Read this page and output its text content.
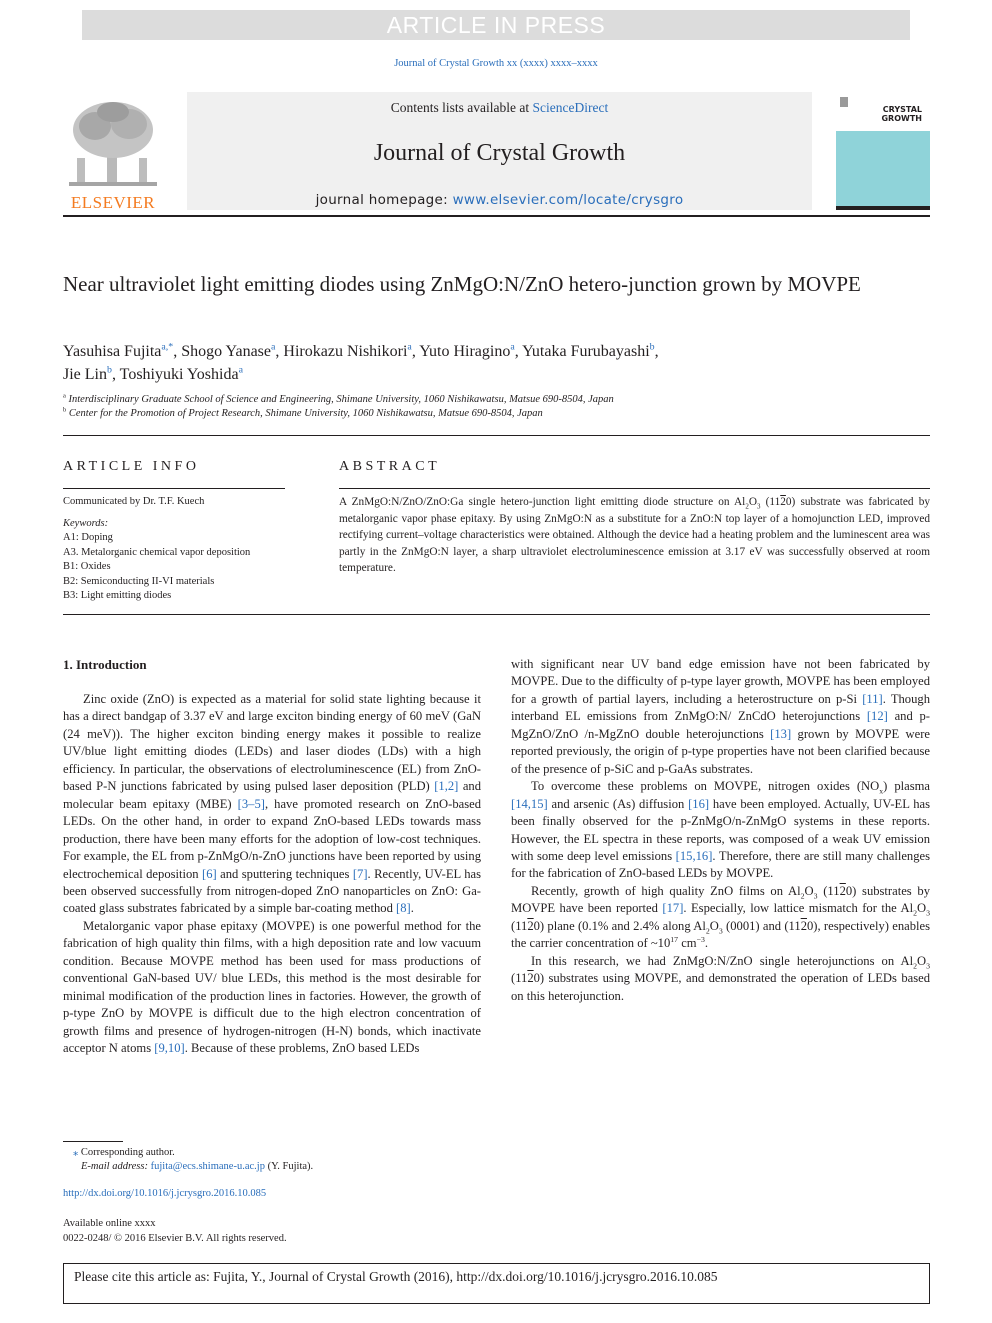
ARTICLE IN PRESS
Journal of Crystal Growth xx (xxxx) xxxx–xxxx
ELSEVIER
Contents lists available at ScienceDirect
Journal of Crystal Growth
journal homepage: www.elsevier.com/locate/crysgro
CRYSTAL
GROWTH
Near ultraviolet light emitting diodes using ZnMgO:N/ZnO hetero-junction grown by MOVPE
Yasuhisa Fujita$^{a,*}$, Shogo Yanase$^a$, Hirokazu Nishikori$^a$, Yuto Hiragino$^a$, Yutaka Furubayashi$^b$,
Jie Lin$^b$, Toshiyuki Yoshida$^a$
$^a$ Interdisciplinary Graduate School of Science and Engineering, Shimane University, 1060 Nishikawatsu, Matsue 690-8504, Japan
$^b$ Center for the Promotion of Project Research, Shimane University, 1060 Nishikawatsu, Matsue 690-8504, Japan
ARTICLE INFO	ABSTRACT
Communicated by Dr. T.F. Kuech
Keywords:
A1: Doping
A3. Metalorganic chemical vapor deposition
B1: Oxides
B2: Semiconducting II-VI materials
B3: Light emitting diodes
A ZnMgO:N/ZnO/ZnO:Ga single hetero-junction light emitting diode structure on $Al_2O_3$ (1120) substrate was fabricated by metalorganic vapor phase epitaxy. By using ZnMgO:N as a substitute for a ZnO:N top layer of a homojunction LED, improved rectifying current–voltage characteristics were obtained. Although the device had a heating problem and the luminescent area was partly in the ZnMgO:N layer, a sharp ultraviolet electroluminescence emission at 3.17 eV was successfully observed at room temperature.
1. Introduction

Zinc oxide (ZnO) is expected as a material for solid state lighting because it has a direct bandgap of 3.37 eV and large exciton binding energy of 60 meV (GaN (24 meV)). The higher exciton binding energy makes it possible to realize UV/blue light emitting diodes (LEDs) and laser diodes (LDs) with a high efficiency. In particular, the observations of electroluminescence (EL) from ZnO-based P-N junctions fabricated by using pulsed laser deposition (PLD) [1,2] and molecular beam epitaxy (MBE) [3–5], have promoted research on ZnO-based LEDs. On the other hand, in order to expand ZnO-based LEDs towards mass production, there have been many efforts for the adoption of low-cost techniques. For example, the EL from p-ZnMgO/n-ZnO junctions have been reported by using electrochemical deposition [6] and sputtering techniques [7]. Recently, UV-EL has been observed successfully from nitrogen-doped ZnO nanoparticles on ZnO: Ga-coated glass substrates fabricated by a simple bar-coating method [8].

Metalorganic vapor phase epitaxy (MOVPE) is one powerful method for the fabrication of high quality thin films, with a high deposition rate and low vacuum condition. Because MOVPE method has been used for mass productions of conventional GaN-based UV/ blue LEDs, this method is the most desirable for minimal modification of the production lines in factories. However, the growth of p-type ZnO by MOVPE is difficult due to the high electron concentration of growth films and presence of hydrogen-nitrogen (H-N) bonds, which inactivate acceptor N atoms [9,10]. Because of these problems, ZnO based LEDs

with significant near UV band edge emission have not been fabricated by MOVPE. Due to the difficulty of p-type layer growth, MOVPE has been employed for a growth of partial layers, including a heterostructure on p-Si [11]. Though interband EL emissions from ZnMgO:N/ ZnCdO heterojunctions [12] and p-MgZnO/ZnO /n-MgZnO double heterojunctions [13] grown by MOVPE were reported previously, the origin of p-type properties have not been clarified because of the presence of p-SiC and p-GaAs substrates.

To overcome these problems on MOVPE, nitrogen oxides $(NO_x)$ plasma [14,15] and arsenic (As) diffusion [16] have been employed. Actually, UV-EL has been finally observed for the p-ZnMgO/n-ZnMgO systems in these reports. However, the EL spectra in these reports, was composed of a weak UV emission with some deep level emissions [15,16]. Therefore, there are still many challenges for the fabrication of ZnO-based LEDs by MOVPE.

Recently, growth of high quality ZnO films on $Al_2O_3$ (1120) substrates by MOVPE have been reported [17]. Especially, low lattice mismatch for the $Al_2O_3$ (1120) plane (0.1% and 2.4% along $Al_2O_3$ (0001) and (1120), respectively) enables the carrier concentration of $\sim 10^{17}$ $cm^{-3}$.

In this research, we had ZnMgO:N/ZnO single heterojunctions on $Al_2O_3$ (1120) substrates using MOVPE, and demonstrated the operation of LEDs based on this heterojunction.

⁎ Corresponding author.
E-mail address: fujita@ecs.shimane-u.ac.jp (Y. Fujita).
http://dx.doi.org/10.1016/j.jcrysgro.2016.10.085
Available online xxxx
0022-0248/ © 2016 Elsevier B.V. All rights reserved.
Please cite this article as: Fujita, Y., Journal of Crystal Growth (2016), http://dx.doi.org/10.1016/j.jcrysgro.2016.10.085
